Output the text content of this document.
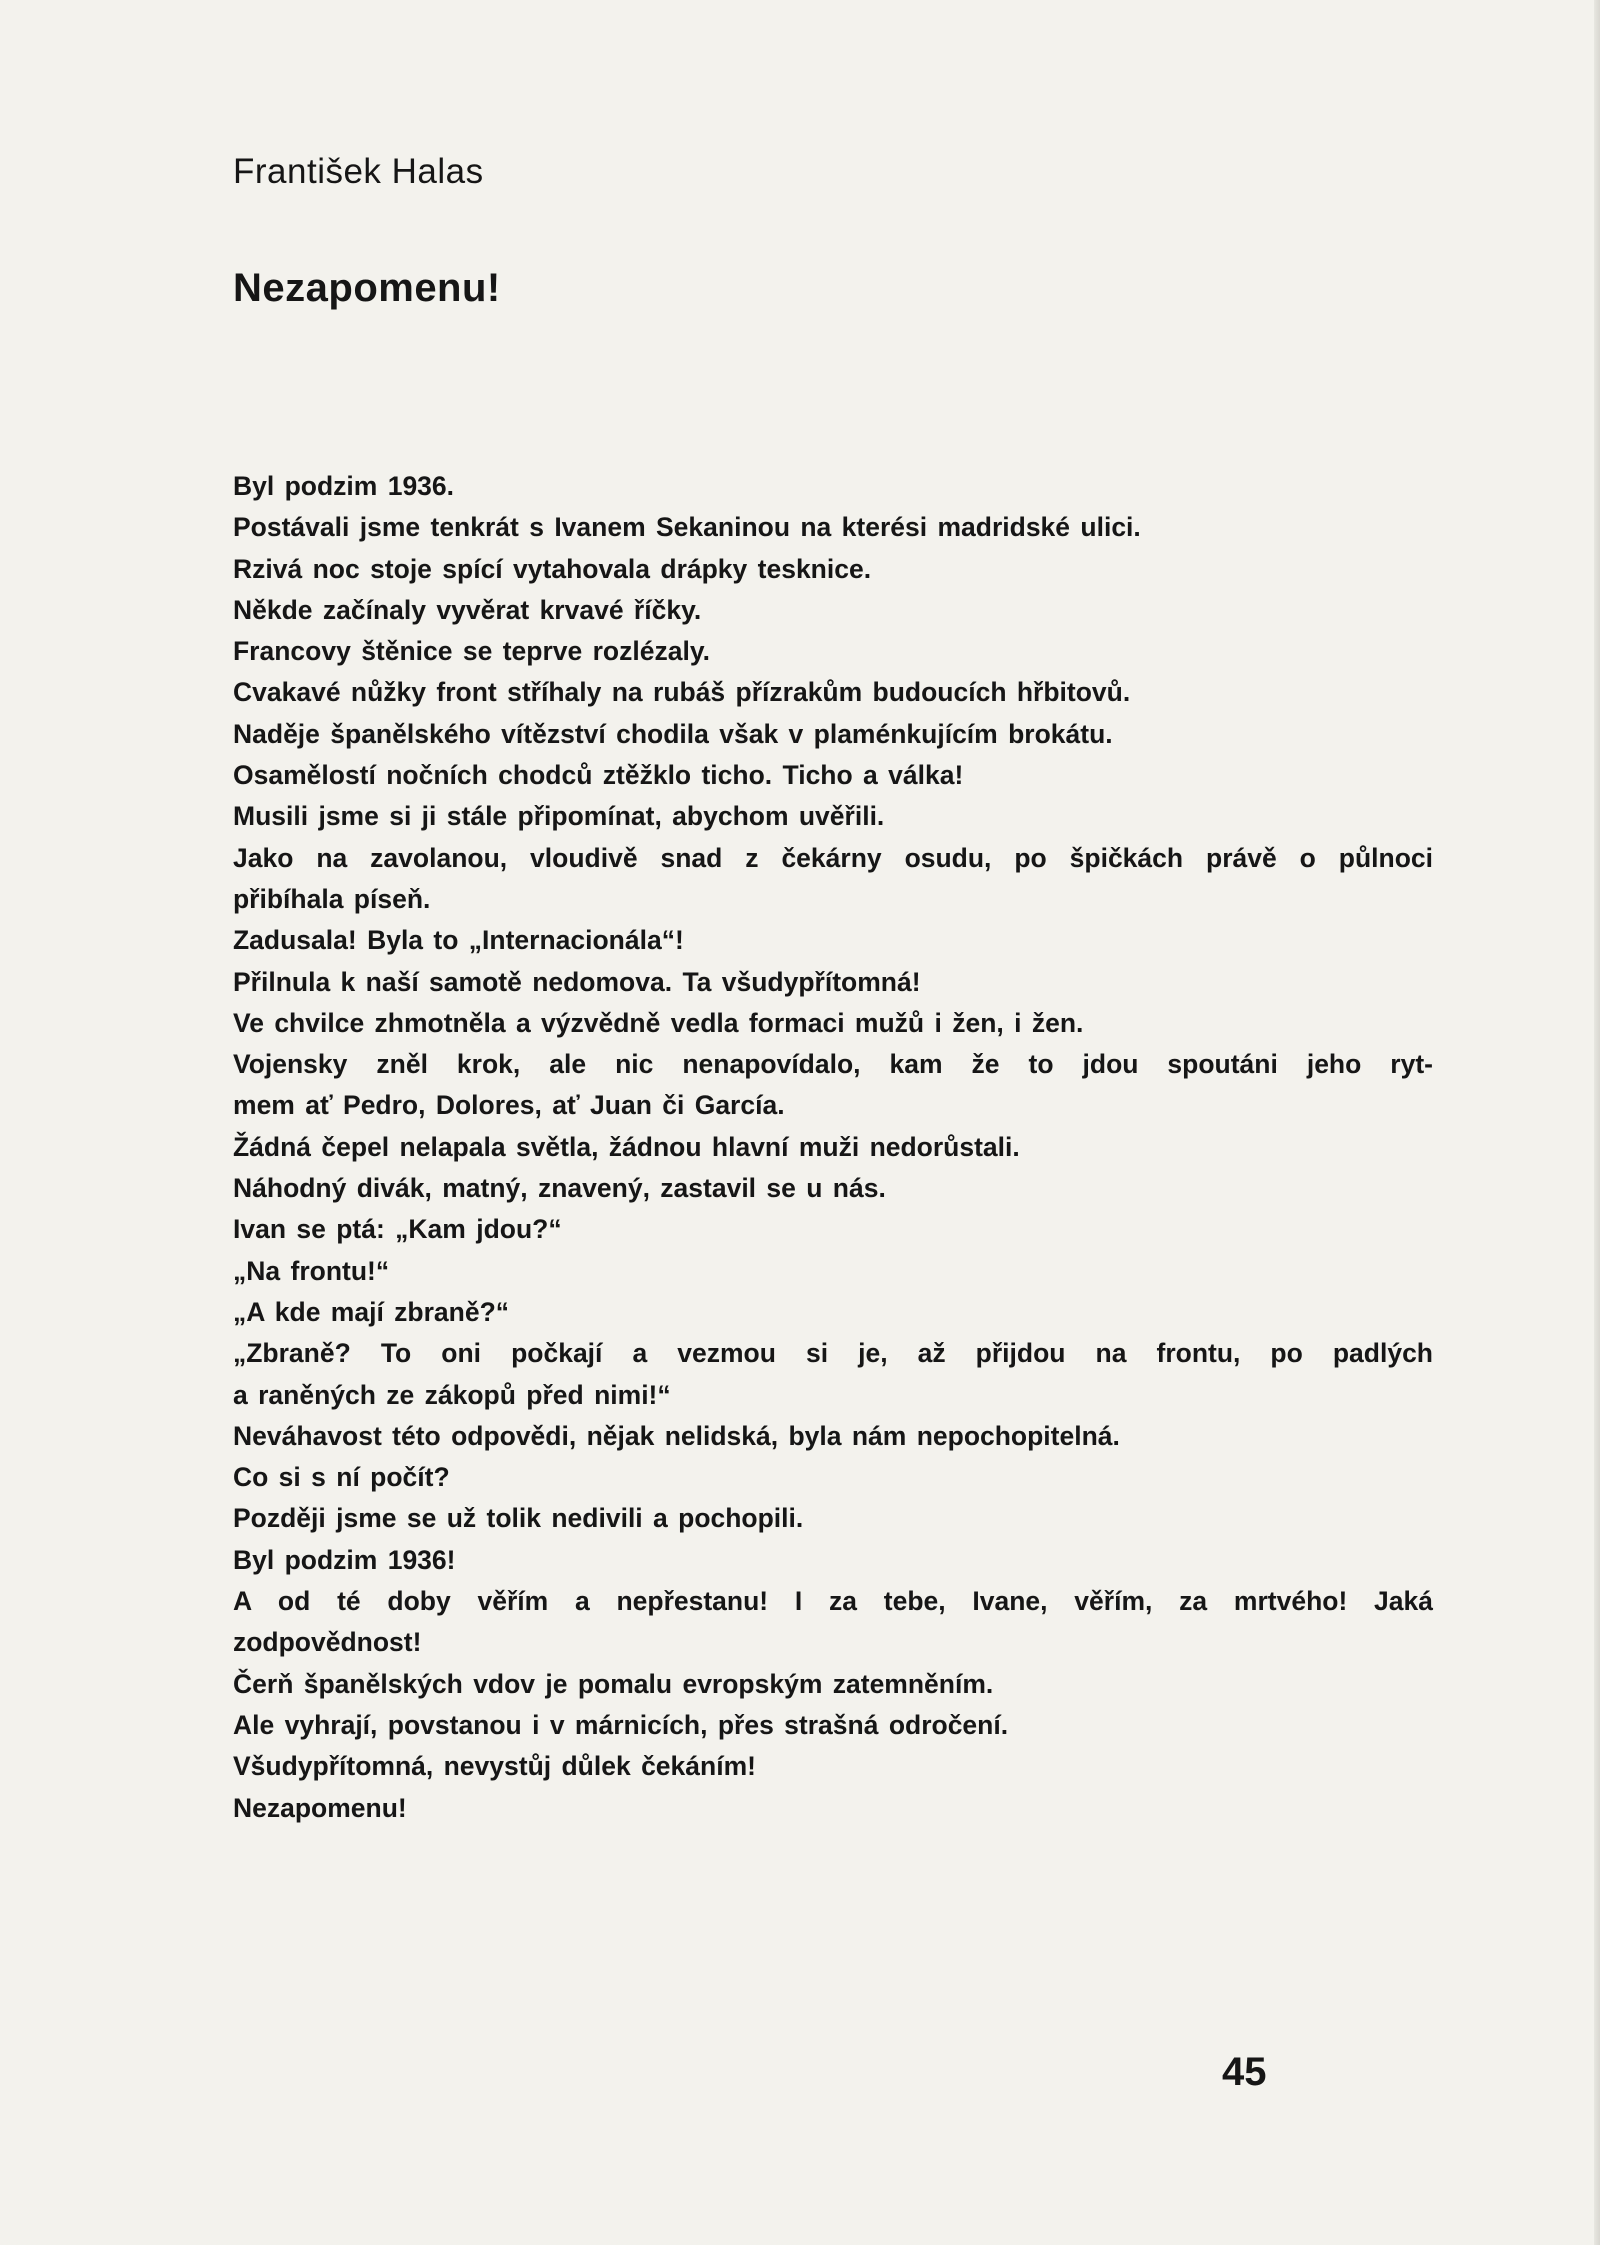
František Halas
Nezapomenu!
Byl podzim 1936.
Postávali jsme tenkrát s Ivanem Sekaninou na kterési madridské ulici.
Rzivá noc stoje spící vytahovala drápky tesknice.
Někde začínaly vyvěrat krvavé říčky.
Francovy štěnice se teprve rozlézaly.
Cvakavé nůžky front stříhaly na rubáš přízrakům budoucích hřbitovů.
Naděje španělského vítězství chodila však v plaménkujícím brokátu.
Osamělostí nočních chodců ztěžklo ticho. Ticho a válka!
Musili jsme si ji stále připomínat, abychom uvěřili.
Jako na zavolanou, vloudivě snad z čekárny osudu, po špičkách právě o půlnoci
přibíhala píseň.
Zadusala! Byla to „Internacionála“!
Přilnula k naší samotě nedomova. Ta všudypřítomná!
Ve chvilce zhmotněla a výzvědně vedla formaci mužů i žen, i žen.
Vojensky zněl krok, ale nic nenapovídalo, kam že to jdou spoutáni jeho ryt-
mem ať Pedro, Dolores, ať Juan či García.
Žádná čepel nelapala světla, žádnou hlavní muži nedorůstali.
Náhodný divák, matný, znavený, zastavil se u nás.
Ivan se ptá: „Kam jdou?“
„Na frontu!“
„A kde mají zbraně?“
„Zbraně? To oni počkají a vezmou si je, až přijdou na frontu, po padlých
a raněných ze zákopů před nimi!“
Neváhavost této odpovědi, nějak nelidská, byla nám nepochopitelná.
Co si s ní počít?
Později jsme se už tolik nedivili a pochopili.
Byl podzim 1936!
A od té doby věřím a nepřestanu! I za tebe, Ivane, věřím, za mrtvého! Jaká
zodpovědnost!
Čerň španělských vdov je pomalu evropským zatemněním.
Ale vyhrají, povstanou i v márnicích, přes strašná odročení.
Všudypřítomná, nevystůj důlek čekáním!
Nezapomenu!
45
